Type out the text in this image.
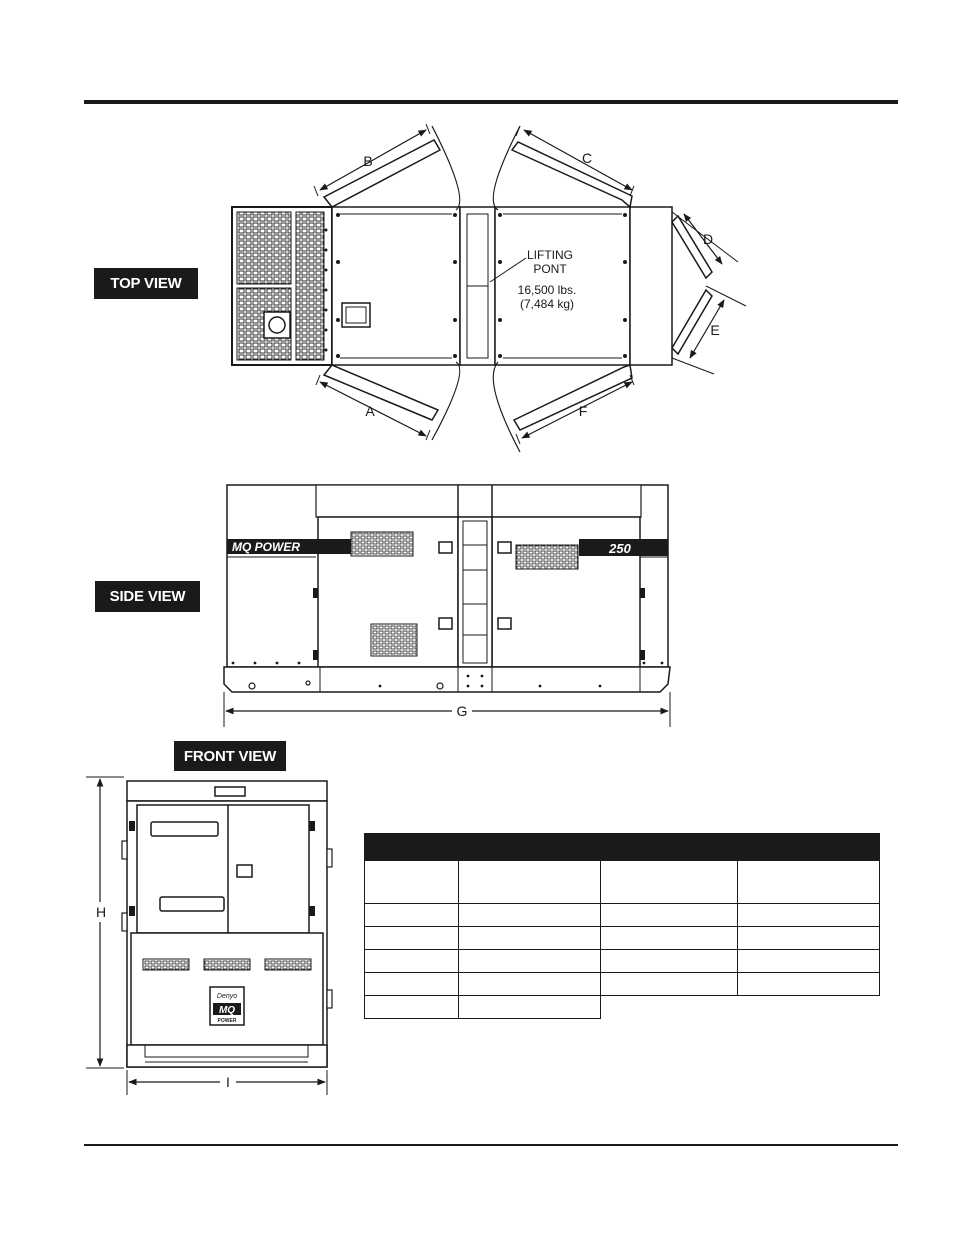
TOP VIEW
SIDE VIEW
FRONT VIEW
B	C
D
E
A	F
LIFTING
PONT
16,500 lbs.
(7,484 kg)
MQ POWER	250
G
Denyo
MQ
POWER
H
I
